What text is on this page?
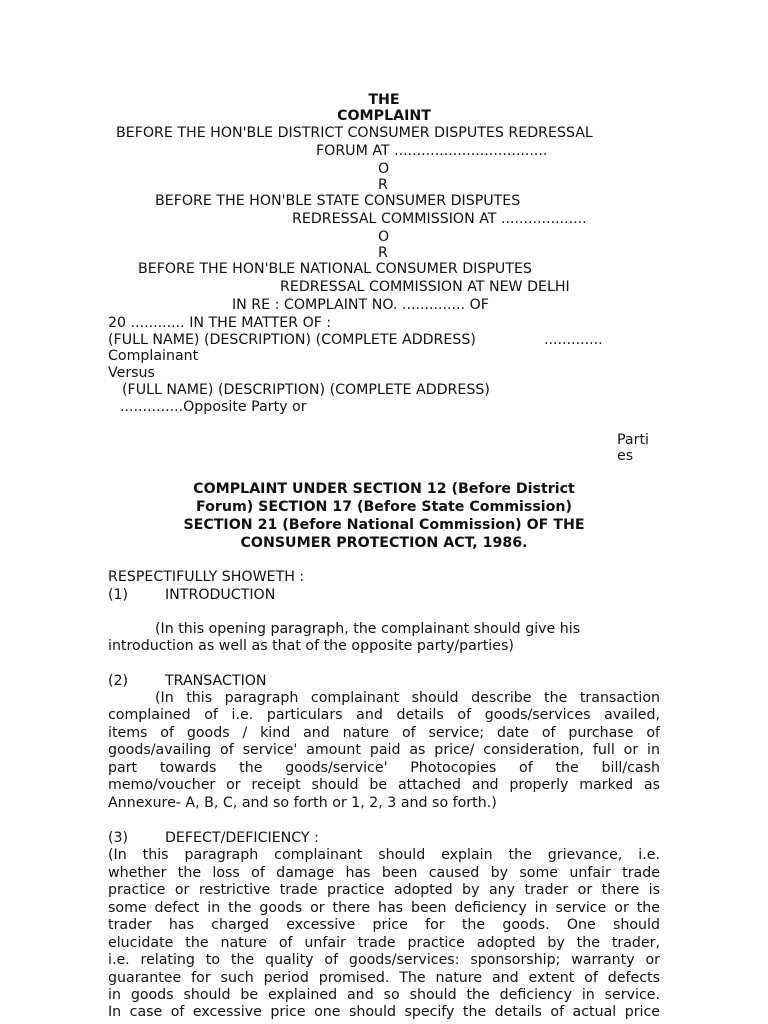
THE
COMPLAINT
BEFORE THE HON'BLE DISTRICT CONSUMER DISPUTES REDRESSAL
FORUM AT ..................................
O
R
BEFORE THE HON'BLE STATE CONSUMER DISPUTES
REDRESSAL COMMISSION AT ...................
O
R
BEFORE THE HON'BLE NATIONAL CONSUMER DISPUTES
REDRESSAL COMMISSION AT NEW DELHI
IN RE : COMPLAINT NO. .............. OF
20 ............ IN THE MATTER OF :
(FULL NAME) (DESCRIPTION) (COMPLETE ADDRESS)	.............
Complainant
Versus
(FULL NAME) (DESCRIPTION) (COMPLETE ADDRESS)
..............Opposite Party or
Parti
es
COMPLAINT UNDER SECTION 12 (Before District
Forum) SECTION 17 (Before State Commission)
SECTION 21 (Before National Commission) OF THE
CONSUMER PROTECTION ACT, 1986.
RESPECTIFULLY SHOWETH :
(1)	INTRODUCTION
(In this opening paragraph, the complainant should give his
introduction as well as that of the opposite party/parties)
(2)	TRANSACTION
(In this paragraph complainant should describe the transaction
complained of i.e. particulars and details of goods/services availed,
items of goods / kind and nature of service; date of purchase of
goods/availing of service' amount paid as price/ consideration, full or in
part towards the goods/service' Photocopies of the bill/cash
memo/voucher or receipt should be attached and properly marked as
Annexure- A, B, C, and so forth or 1, 2, 3 and so forth.)
(3)	DEFECT/DEFICIENCY :
(In this paragraph complainant should explain the grievance, i.e.
whether the loss of damage has been caused by some unfair trade
practice or restrictive trade practice adopted by any trader or there is
some defect in the goods or there has been deficiency in service or the
trader has charged excessive price for the goods. One should
elucidate the nature of unfair trade practice adopted by the trader,
i.e. relating to the quality of goods/services: sponsorship; warranty or
guarantee for such period promised. The nature and extent of defects
in goods should be explained and so should the deficiency in service.
In case of excessive price one should specify the details of actual price
